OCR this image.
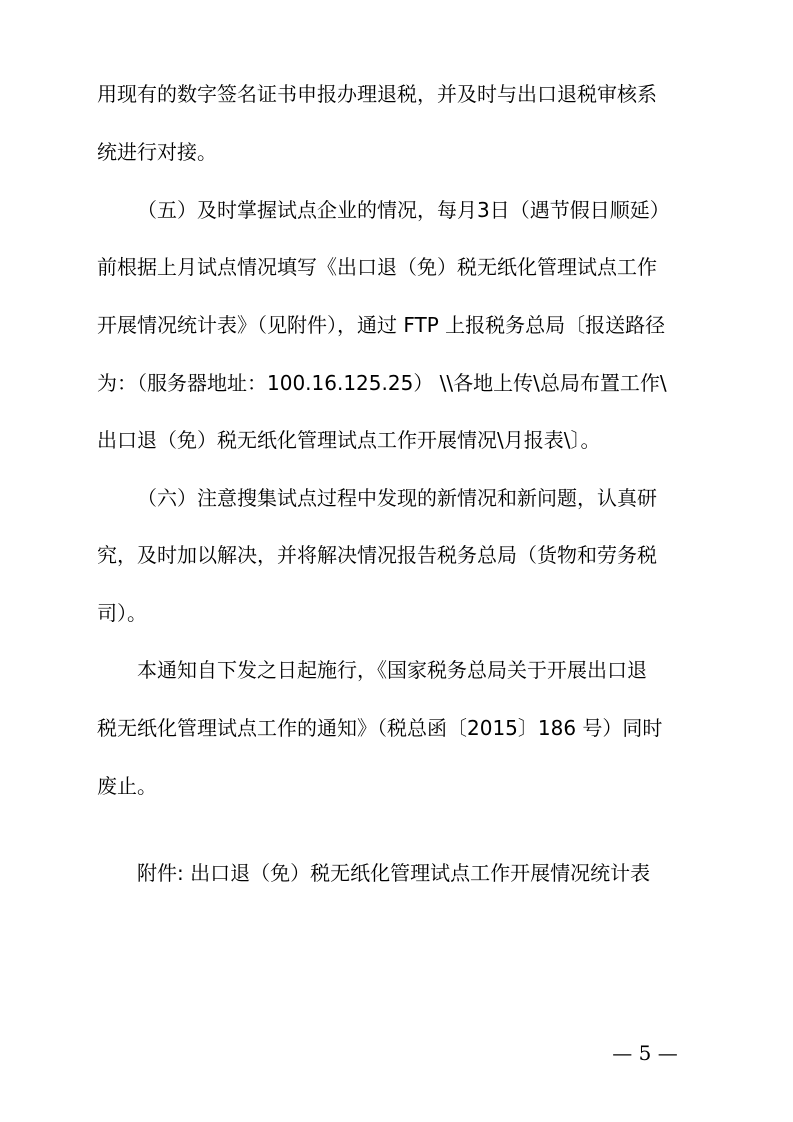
用现有的数字签名证书申报办理退税，并及时与出口退税审核系
统进行对接。
（五）及时掌握试点企业的情况，每月3日（遇节假日顺延）
前根据上月试点情况填写《出口退（免）税无纸化管理试点工作
开展情况统计表》（见附件），通过 FTP 上报税务总局〔报送路径
为：（服务器地址：100.16.125.25） \\各地上传\总局布置工作\
出口退（免）税无纸化管理试点工作开展情况\月报表\〕。
（六）注意搜集试点过程中发现的新情况和新问题，认真研
究，及时加以解决，并将解决情况报告税务总局（货物和劳务税
司）。
本通知自下发之日起施行，《国家税务总局关于开展出口退
税无纸化管理试点工作的通知》（税总函〔2015〕186 号）同时
废止。
附件: 出口退（免）税无纸化管理试点工作开展情况统计表
— 5 —
